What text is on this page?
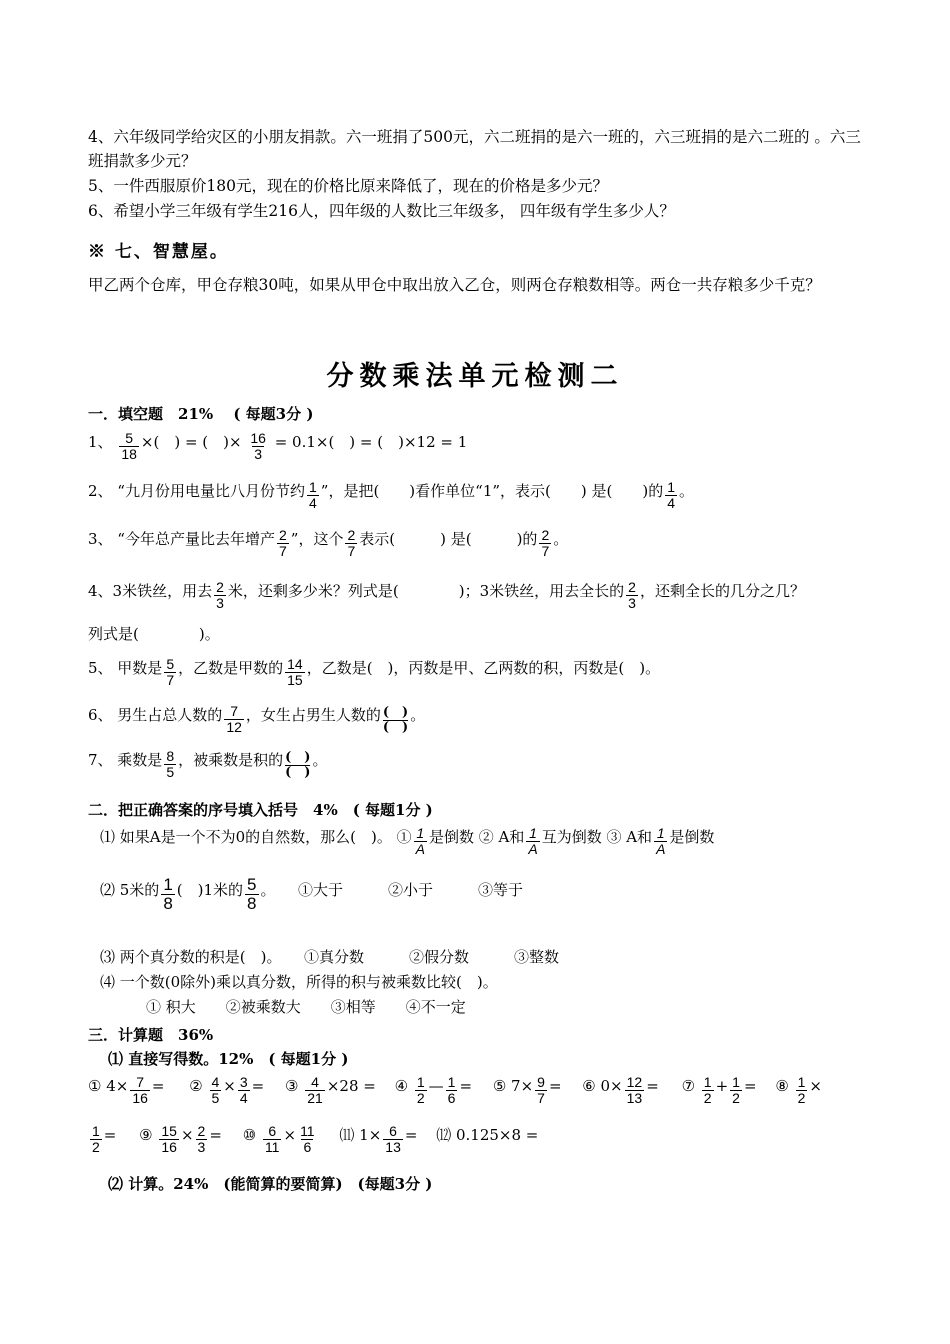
4、六年级同学给灾区的小朋友捐款。六一班捐了500元，六二班捐的是六一班的，六三班捐的是六二班的 。六三班捐款多少元？
5、一件西服原价180元，现在的价格比原来降低了，现在的价格是多少元？
6、希望小学三年级有学生216人，四年级的人数比三年级多， 四年级有学生多少人？
※ 七、智慧屋。
甲乙两个仓库，甲仓存粮30吨，如果从甲仓中取出放入乙仓，则两仓存粮数相等。两仓一共存粮多少千克？
分数乘法单元检测二
一．填空题　21%　 ( 每题3分 )
1、 $\frac{5}{18}$ ×(　) = (　)× $\frac{16}{3} = 0.1\times$(　) = (　)×12 = 1
2、 “九月份用电量比八月份节约 $\frac{1}{4}$ ”，是把(　　)看作单位“1”，表示(　　) 是(　　)的 $\frac{1}{4}$ 。
3、 “今年总产量比去年增产 $\frac{2}{7}$ ”，这个 $\frac{2}{7}$ 表示(　　　) 是(　　　)的 $\frac{2}{7}$ 。
4、3米铁丝，用去 $\frac{2}{3}$ 米，还剩多少米？列式是(　　　　)；3米铁丝，用去全长的 $\frac{2}{3}$ ，还剩全长的几分之几？
列式是(　　　　)。
5、 甲数是 $\frac{5}{7}$ ，乙数是甲数的 $\frac{14}{15}$ ，乙数是(　)，丙数是甲、乙两数的积，丙数是(　)。
6、 男生占总人数的 $\frac{7}{12}$ ，女生占男生人数的 (　)
(　)
。
7、 乘数是 $\frac{8}{5}$ ，被乘数是积的 (　)
(　)
。
二．把正确答案的序号填入括号　4%　( 每题1分 )
⑴ 如果A是一个不为0的自然数，那么(　)。 ① $\frac{1}{A}$ 是倒数 ② A和 $\frac{1}{A}$ 互为倒数 ③ A和 $\frac{1}{A}$ 是倒数
⑵ 5米的 $\frac{1}{8}$ (　)1米的 $\frac{5}{8}$ 。　　①大于　　　②小于　　　③等于
⑶ 两个真分数的积是(　)。　　①真分数　　　②假分数　　　③整数
⑷ 一个数(0除外)乘以真分数，所得的积与被乘数比较(　)。
① 积大　　②被乘数大　　③相等　　④不一定
三．计算题　36%
⑴ 直接写得数。12%　( 每题1分 )
① $4\times \frac{7}{16}$ = ② $\frac{4}{5} \times \frac{3}{4}$ = ③ $\frac{4}{21} \times 28$ = ④ $\frac{1}{2}$ — $\frac{1}{6}$ = ⑤ $7\times \frac{9}{7}$ = ⑥ $0\times \frac{12}{13}$ = ⑦ $\frac{1}{2} + \frac{1}{2}$ = ⑧ $\frac{1}{2}$ ×
$\frac{1}{2}$ = ⑨ $\frac{15}{16} \times \frac{2}{3}$ = ⑩ $\frac{6}{11} \times \frac{11}{6}$ ⑾ $1\times \frac{6}{13}$ = ⑿ 0.125×8 =
⑵ 计算。24%　(能简算的要简算)　(每题3分 )
